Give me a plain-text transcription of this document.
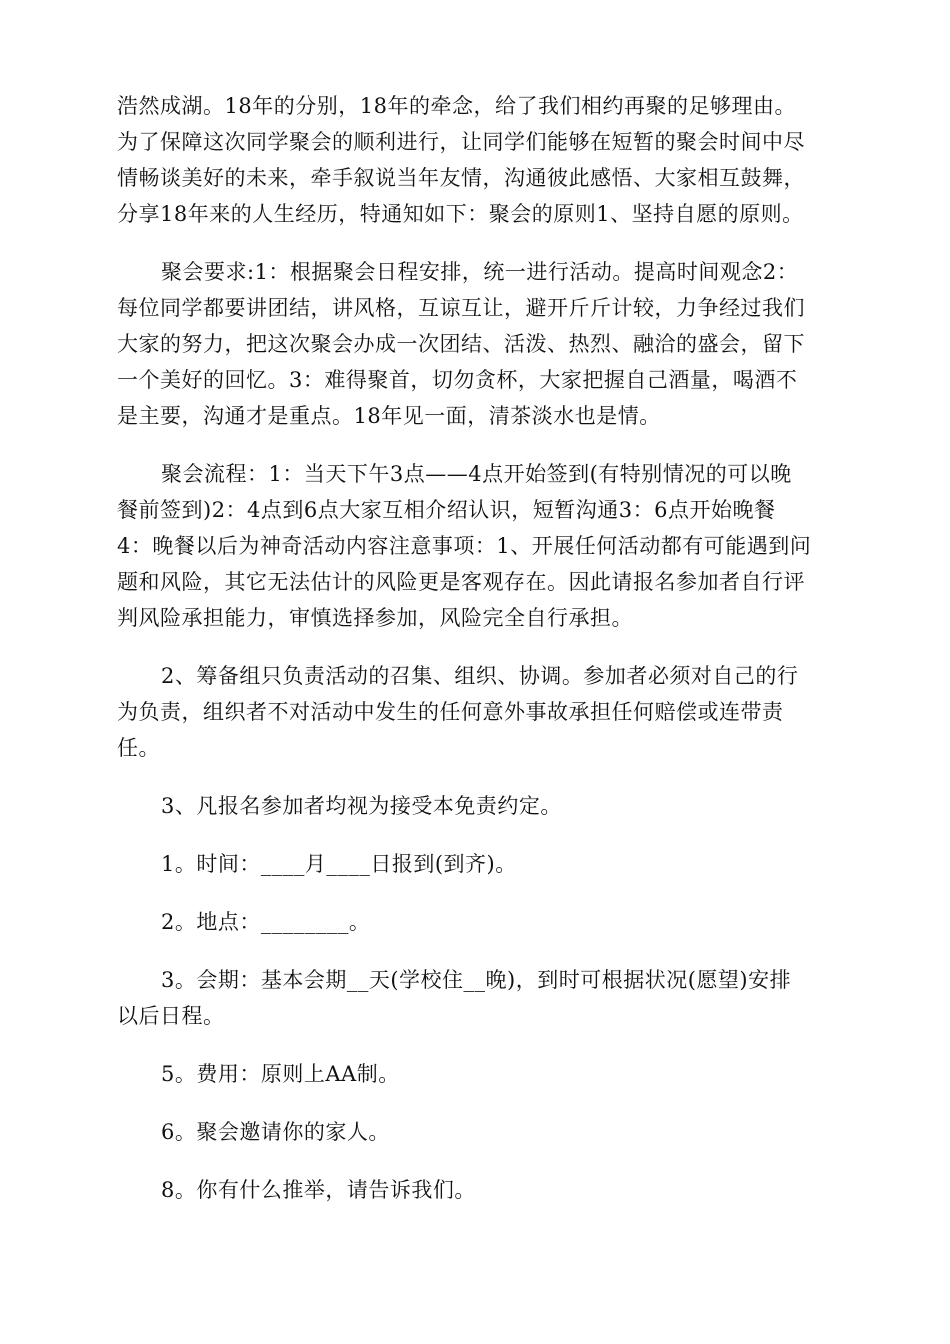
浩然成湖。18年的分别，18年的牵念，给了我们相约再聚的足够理由。
为了保障这次同学聚会的顺利进行，让同学们能够在短暂的聚会时间中尽
情畅谈美好的未来，牵手叙说当年友情，沟通彼此感悟、大家相互鼓舞，
分享18年来的人生经历，特通知如下：聚会的原则1、坚持自愿的原则。
聚会要求:1：根据聚会日程安排，统一进行活动。提高时间观念2：
每位同学都要讲团结，讲风格，互谅互让，避开斤斤计较，力争经过我们
大家的努力，把这次聚会办成一次团结、活泼、热烈、融洽的盛会，留下
一个美好的回忆。3：难得聚首，切勿贪杯，大家把握自己酒量，喝酒不
是主要，沟通才是重点。18年见一面，清茶淡水也是情。
聚会流程：1：当天下午3点——4点开始签到(有特别情况的可以晚
餐前签到)2：4点到6点大家互相介绍认识，短暂沟通3：6点开始晚餐
4：晚餐以后为神奇活动内容注意事项：1、开展任何活动都有可能遇到问
题和风险，其它无法估计的风险更是客观存在。因此请报名参加者自行评
判风险承担能力，审慎选择参加，风险完全自行承担。
2、筹备组只负责活动的召集、组织、协调。参加者必须对自己的行
为负责，组织者不对活动中发生的任何意外事故承担任何赔偿或连带责
任。
3、凡报名参加者均视为接受本免责约定。
1。时间：____月____日报到(到齐)。
2。地点：________。
3。会期：基本会期__天(学校住__晚)，到时可根据状况(愿望)安排
以后日程。
5。费用：原则上AA制。
6。聚会邀请你的家人。
8。你有什么推举，请告诉我们。
